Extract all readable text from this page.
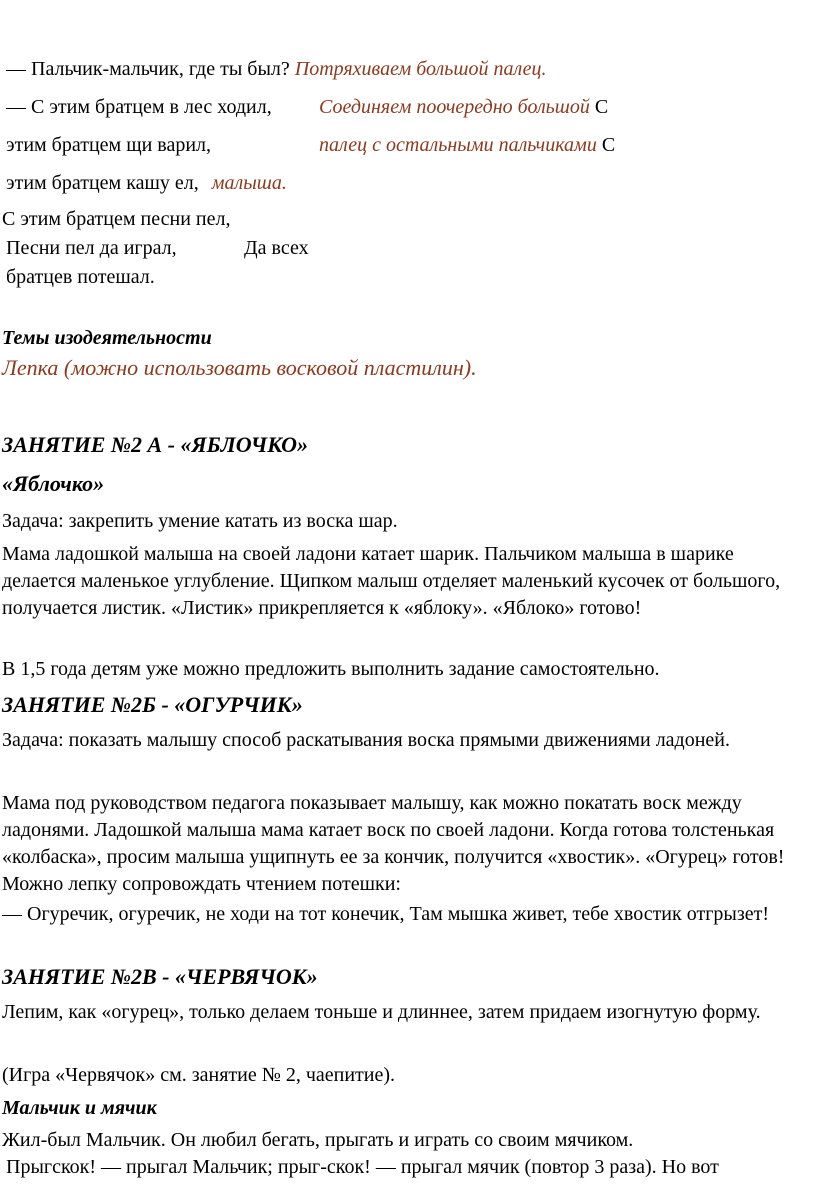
— Пальчик-мальчик, где ты был? Потряхиваем большой палец.
— С этим братцем в лес ходил, Соединяем поочередно большой С
этим братцем щи варил,	палец с остальными пальчиками С
этим братцем кашу ел, малыша.
С этим братцем песни пел,
Песни пел да играл,	Да всех
братцев потешал.
Темы изодеятельности
Лепка (можно использовать восковой пластилин).
ЗАНЯТИЕ №2 А - «ЯБЛОЧКО»
«Яблочко»
Задача: закрепить умение катать из воска шар.
Мама ладошкой малыша на своей ладони катает шарик. Пальчиком малыша в шарике делается маленькое углубление. Щипком малыш отделяет маленький кусочек от большого, получается листик. «Листик» прикрепляется к «яблоку». «Яблоко» готово!
В 1,5 года детям уже можно предложить выполнить задание самостоятельно.
ЗАНЯТИЕ №2Б - «ОГУРЧИК»
Задача: показать малышу способ раскатывания воска прямыми движениями ладоней.
Мама под руководством педагога показывает малышу, как можно покатать воск между ладонями. Ладошкой малыша мама катает воск по своей ладони. Когда готова толстенькая «колбаска», просим малыша ущипнуть ее за кончик, получится «хвостик». «Огурец» готов! Можно лепку сопровождать чтением потешки:
— Огуречик, огуречик, не ходи на тот конечик, Там мышка живет, тебе хвостик отгрызет!
ЗАНЯТИЕ №2В - «ЧЕРВЯЧОК»
Лепим, как «огурец», только делаем тоньше и длиннее, затем придаем изогнутую форму.
(Игра «Червячок» см. занятие № 2, чаепитие).
Мальчик и мячик
Жил-был Мальчик. Он любил бегать, прыгать и играть со своим мячиком.
Прыгскок! — прыгал Мальчик; прыг-скок! — прыгал мячик (повтор 3 раза). Но вот
